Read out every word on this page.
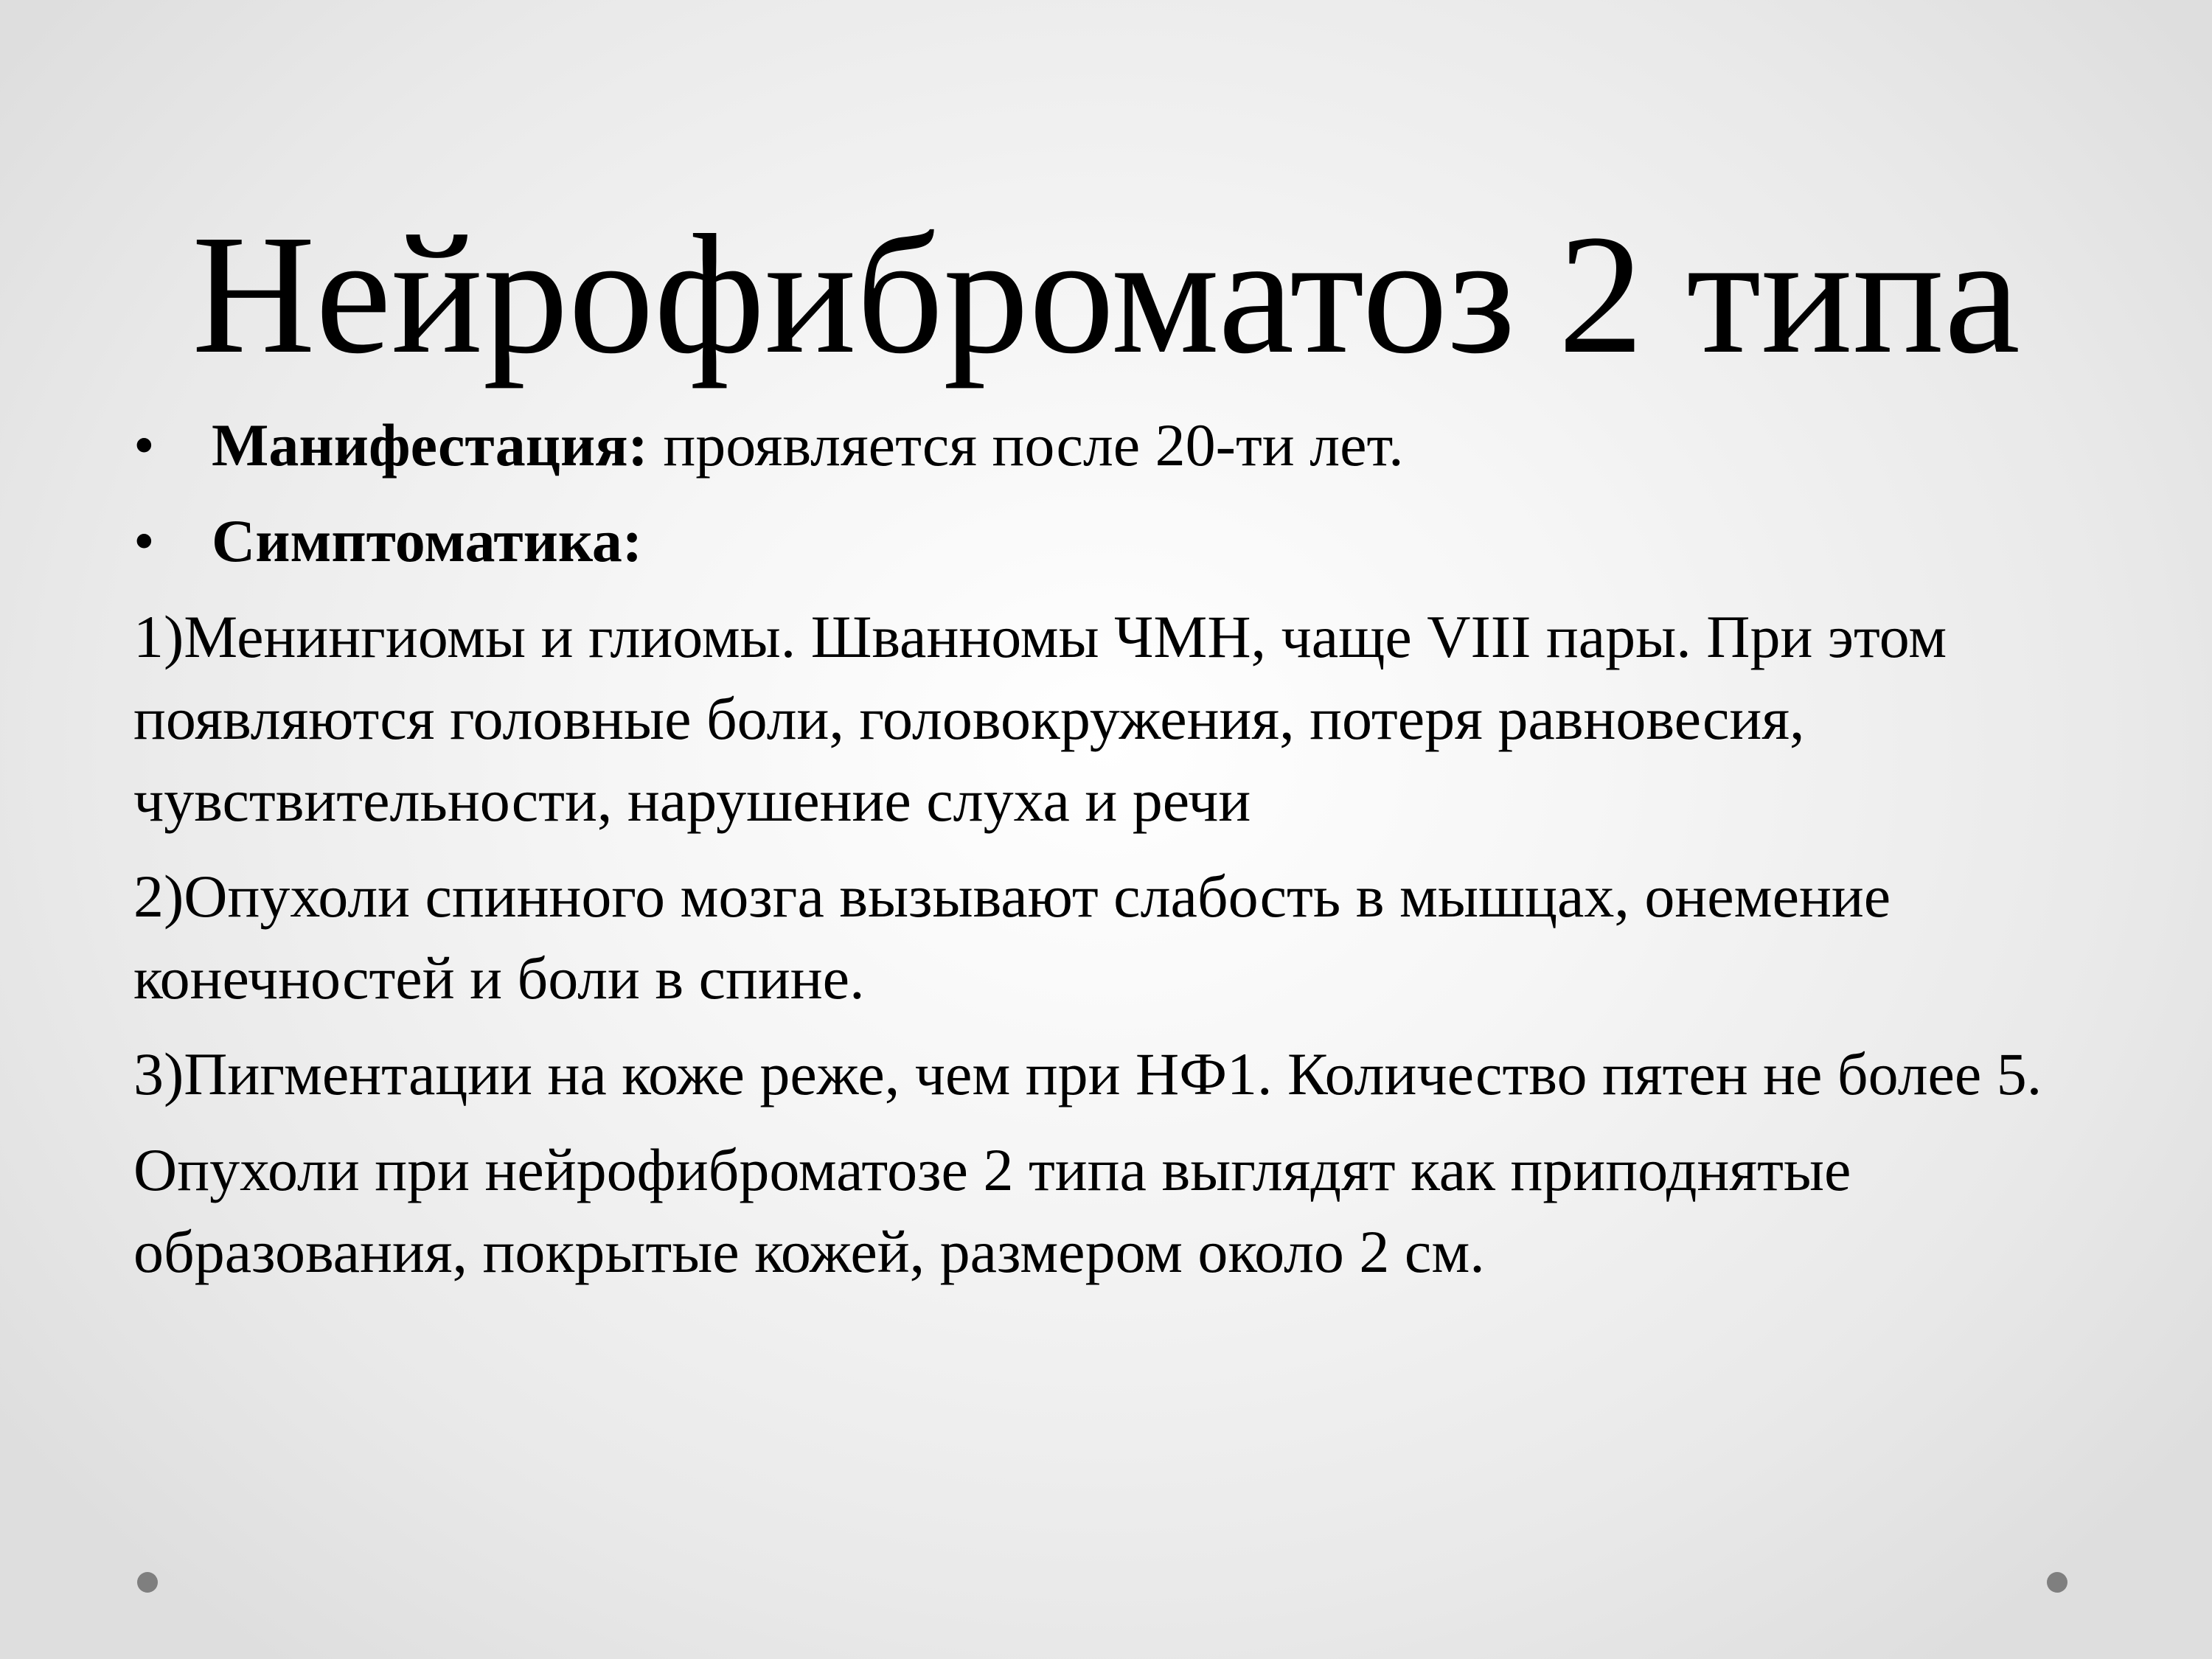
Нейрофиброматоз 2 типа
• Манифестация: проявляется после 20-ти лет.
• Симптоматика:

1)Менингиомы и глиомы. Шванномы ЧМН, чаще VIII пары. При этом появляются головные боли, головокружения, потеря равновесия, чувствительности, нарушение слуха и речи

2)Опухоли спинного мозга вызывают слабость в мышцах, онемение конечностей и боли в спине.

3)Пигментации на коже реже, чем при НФ1. Количество пятен не более 5.

Опухоли при нейрофиброматозе 2 типа выглядят как приподнятые образования, покрытые кожей, размером около 2 см.
